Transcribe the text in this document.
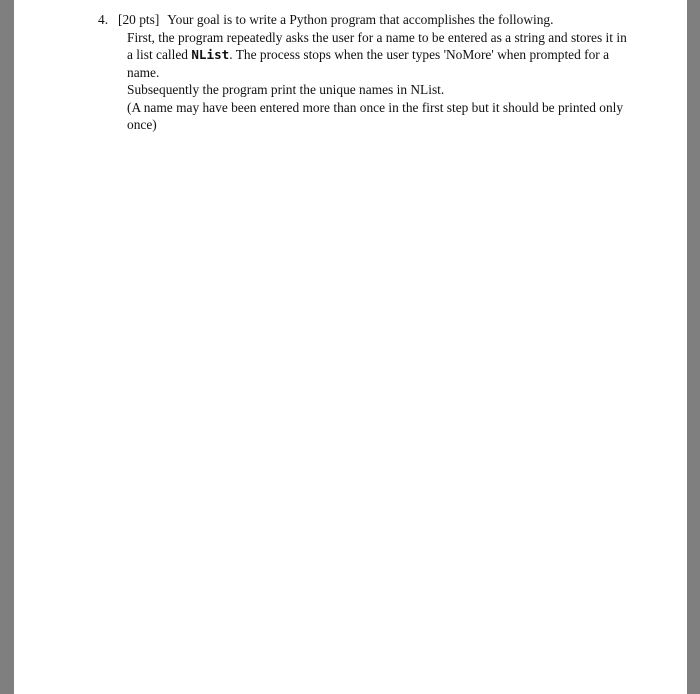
4. [20 pts] Your goal is to write a Python program that accomplishes the following.

First, the program repeatedly asks the user for a name to be entered as a string and stores it in a list called NList. The process stops when the user types 'NoMore' when prompted for a name.

Subsequently the program print the unique names in NList.

(A name may have been entered more than once in the first step but it should be printed only once)
